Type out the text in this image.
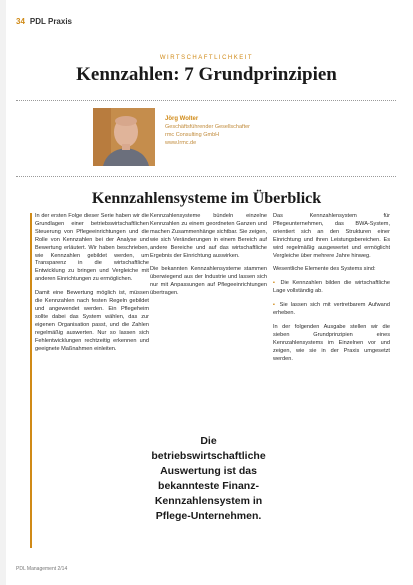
34 PDL Praxis
WIRTSCHAFTLICHKEIT
Kennzahlen: 7 Grundprinzipien
Jörg Wolter
Geschäftsführender Gesellschafter
rmc Consulting GmbH
www.lrmc.de
Kennzahlensysteme im Überblick

In der ersten Folge dieser Serie haben wir die Grundlagen einer betriebswirtschaftlichen Steuerung von Pflegeeinrichtungen und die Rolle von Kennzahlen bei der Analyse und Bewertung erläutert. Wir haben beschrieben, wie Kennzahlen gebildet werden, um Transparenz in die wirtschaftliche Entwicklung zu bringen und Vergleiche mit anderen Einrichtungen zu ermöglichen.

Damit eine Bewertung möglich ist, müssen die Kennzahlen nach festen Regeln gebildet und angewendet werden. Ein Pflegeheim sollte dabei das System wählen, das zur eigenen Organisation passt, und die Zahlen regelmäßig auswerten. Nur so lassen sich Fehlentwicklungen rechtzeitig erkennen und geeignete Maßnahmen einleiten.

Kennzahlensysteme bündeln einzelne Kennzahlen zu einem geordneten Ganzen und machen Zusammenhänge sichtbar. Sie zeigen, wie sich Veränderungen in einem Bereich auf andere Bereiche und auf das wirtschaftliche Ergebnis der Einrichtung auswirken.

Die bekannten Kennzahlensysteme stammen überwiegend aus der Industrie und lassen sich nur mit Anpassungen auf Pflegeeinrichtungen übertragen.

Die betriebswirtschaftliche Auswertung ist das bekannteste Finanz-Kennzahlensystem in Pflege-Unternehmen.

Das Kennzahlensystem für Pflegeunternehmen, das BWA-System, orientiert sich an den Strukturen einer Einrichtung und ihren Leistungsbereichen. Es wird regelmäßig ausgewertet und ermöglicht Vergleiche über mehrere Jahre hinweg.

Wesentliche Elemente des Systems sind:

▪ Die Kennzahlen bilden die wirtschaftliche Lage vollständig ab.

▪ Sie lassen sich mit vertretbarem Aufwand erheben.

In der folgenden Ausgabe stellen wir die sieben Grundprinzipien eines Kennzahlensystems im Einzelnen vor und zeigen, wie sie in der Praxis umgesetzt werden.

PDL Management 2/14
